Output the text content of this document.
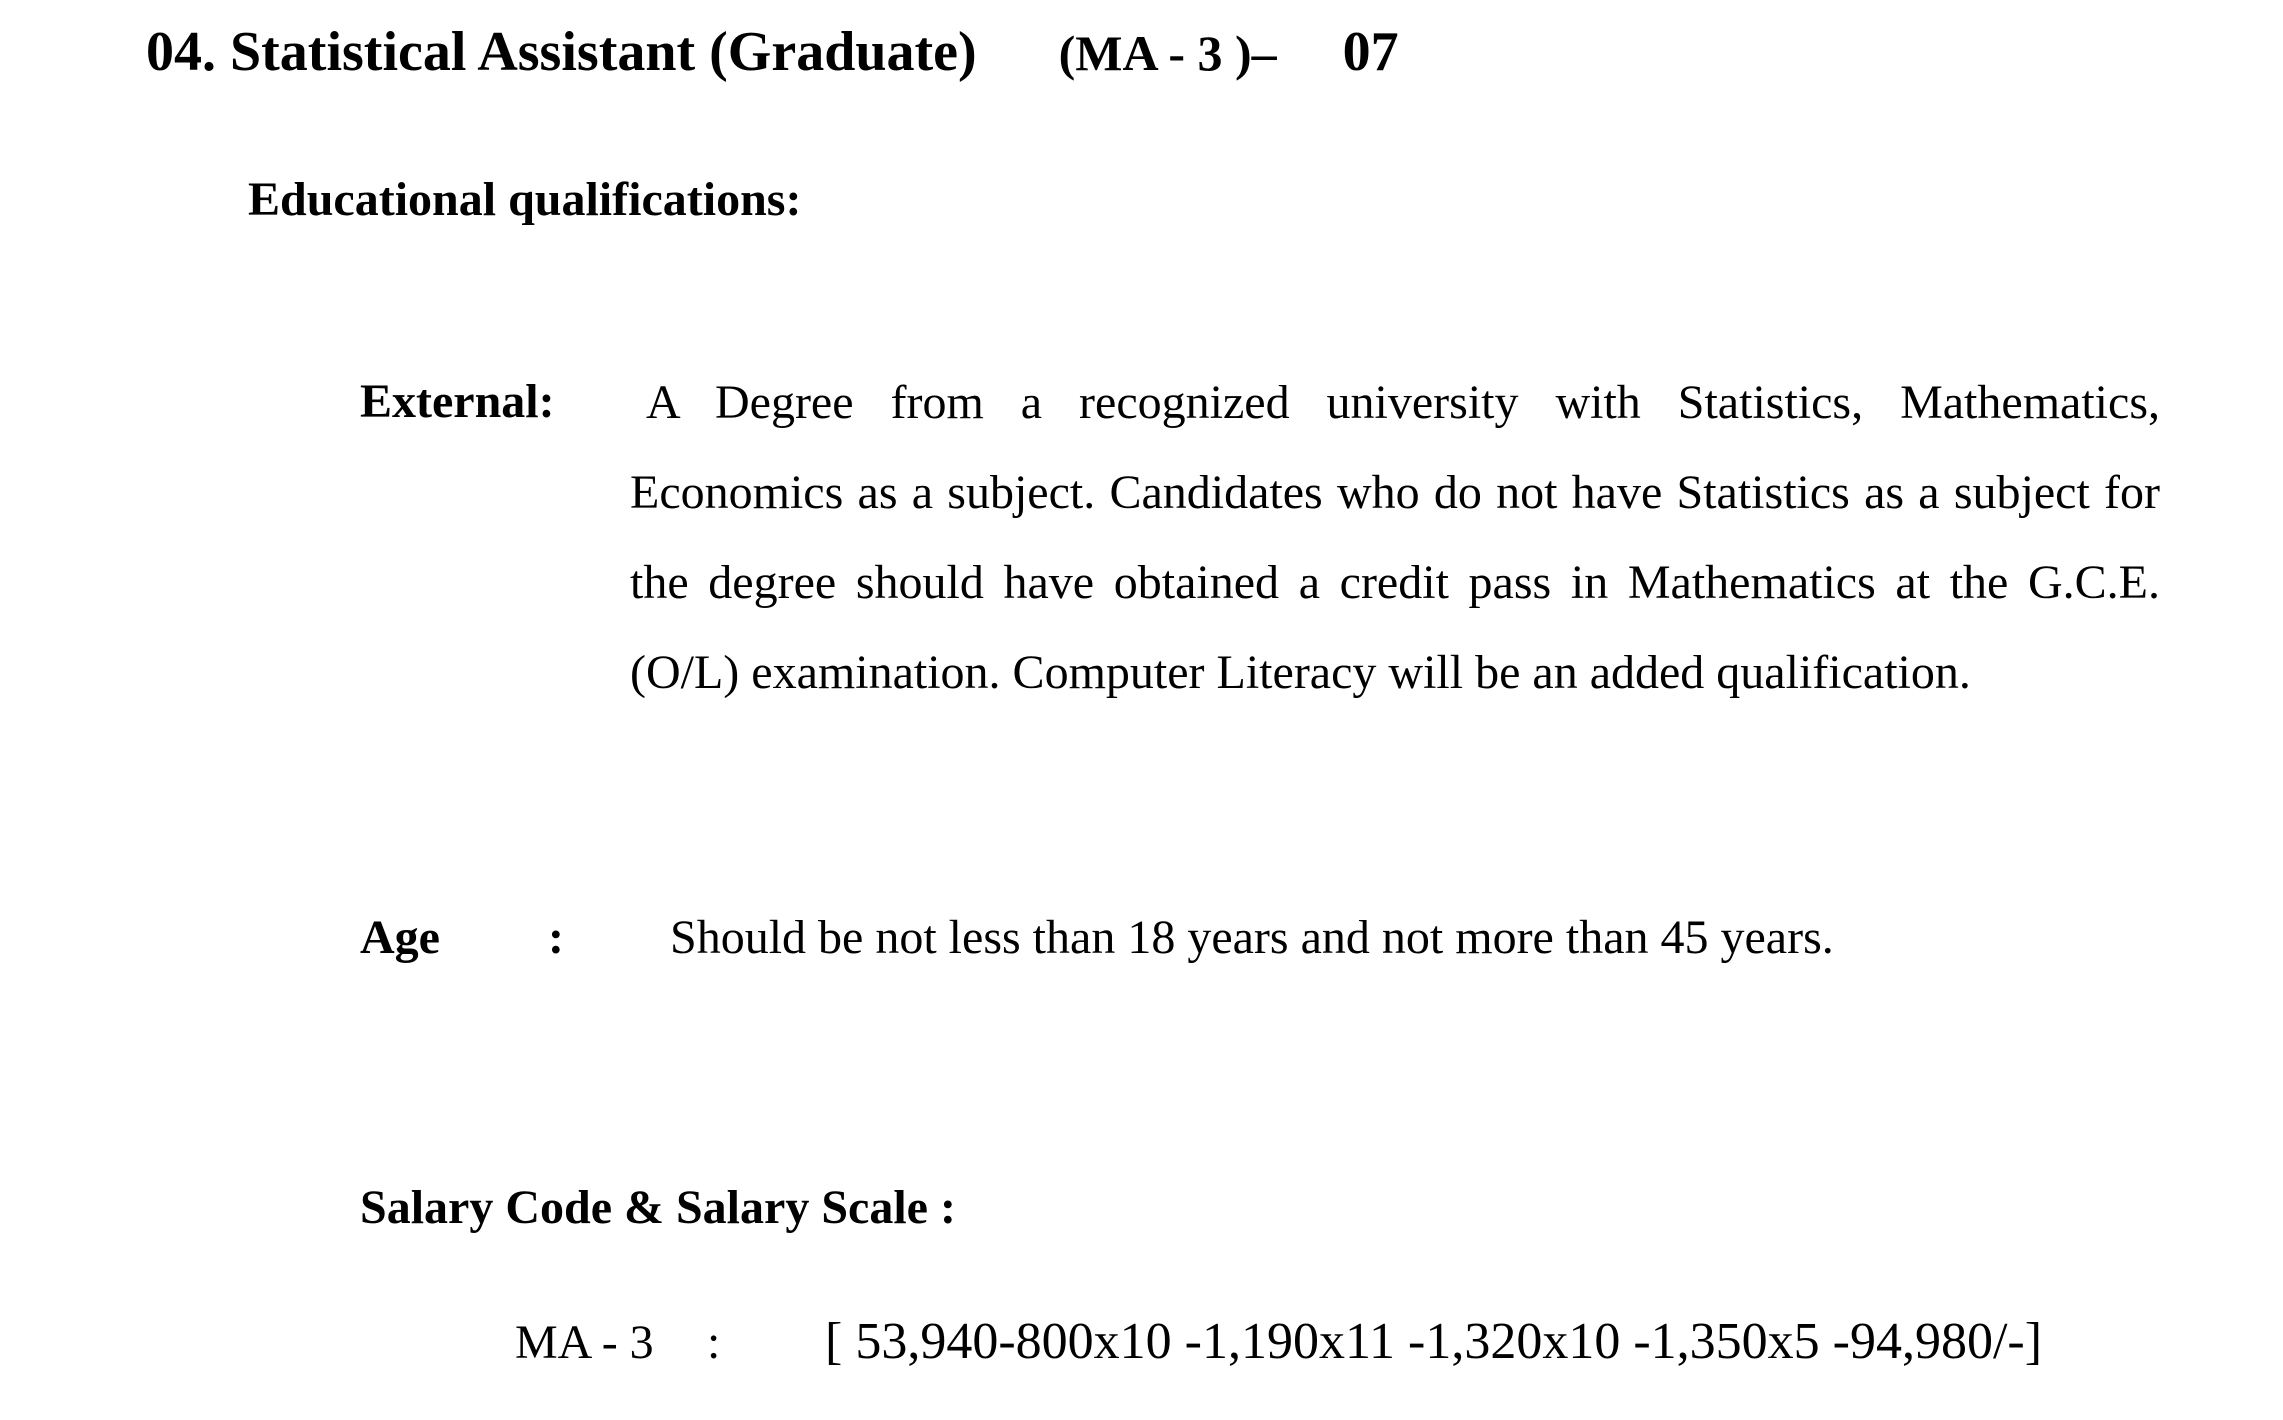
04. Statistical Assistant (Graduate) (MA - 3 )– 07
Educational qualifications:
External:	A Degree from a recognized university with Statistics, Mathematics, Economics as a subject. Candidates who do not have Statistics as a subject for the degree should have obtained a credit pass in Mathematics at the G.C.E. (O/L) examination. Computer Literacy will be an added qualification.
Age : Should be not less than 18 years and not more than 45 years.
Salary Code & Salary Scale :
MA - 3 : [ 53,940-800x10 -1,190x11 -1,320x10 -1,350x5 -94,980/-]
